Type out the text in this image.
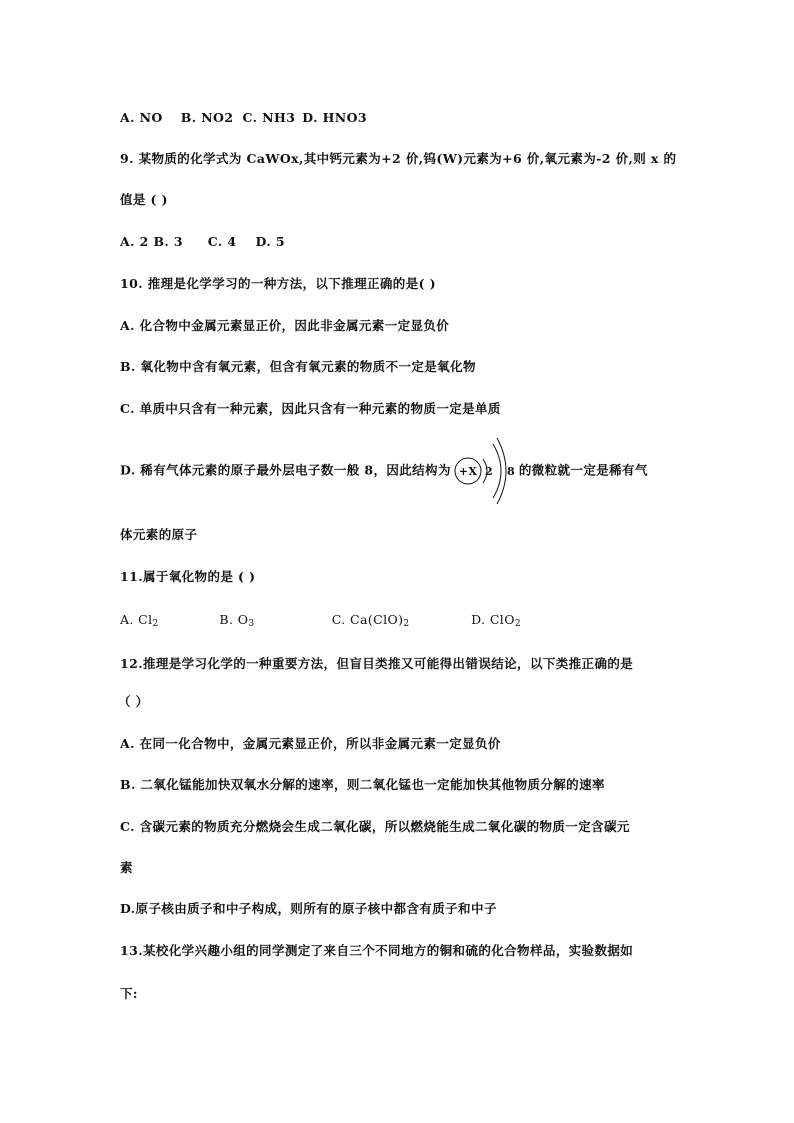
A. NO B. NO2 C. NH3 D. HNO3
9. 某物质的化学式为 CaWOx,其中钙元素为+2 价,钨(W)元素为+6 价,氧元素为-2 价,则 x 的
值是 ( )
A. 2 B. 3 C. 4 D. 5
10. 推理是化学学习的一种方法，以下推理正确的是( )
A. 化合物中金属元素显正价，因此非金属元素一定显负价
B. 氧化物中含有氧元素，但含有氧元素的物质不一定是氧化物
C. 单质中只含有一种元素，因此只含有一种元素的物质一定是单质
D. 稀有气体元素的原子最外层电子数一般 8，因此结构为 +X 2 8 的微粒就一定是稀有气
体元素的原子
11.属于氧化物的是 ( )
A. Cl2	B. O3	C. Ca(ClO)2	D. ClO2
12.推理是学习化学的一种重要方法，但盲目类推又可能得出错误结论，以下类推正确的是
（ ）
A. 在同一化合物中，金属元素显正价，所以非金属元素一定显负价
B. 二氧化锰能加快双氧水分解的速率，则二氧化锰也一定能加快其他物质分解的速率
C. 含碳元素的物质充分燃烧会生成二氧化碳，所以燃烧能生成二氧化碳的物质一定含碳元
素
D.原子核由质子和中子构成，则所有的原子核中都含有质子和中子
13.某校化学兴趣小组的同学测定了来自三个不同地方的铜和硫的化合物样品，实验数据如
下:
